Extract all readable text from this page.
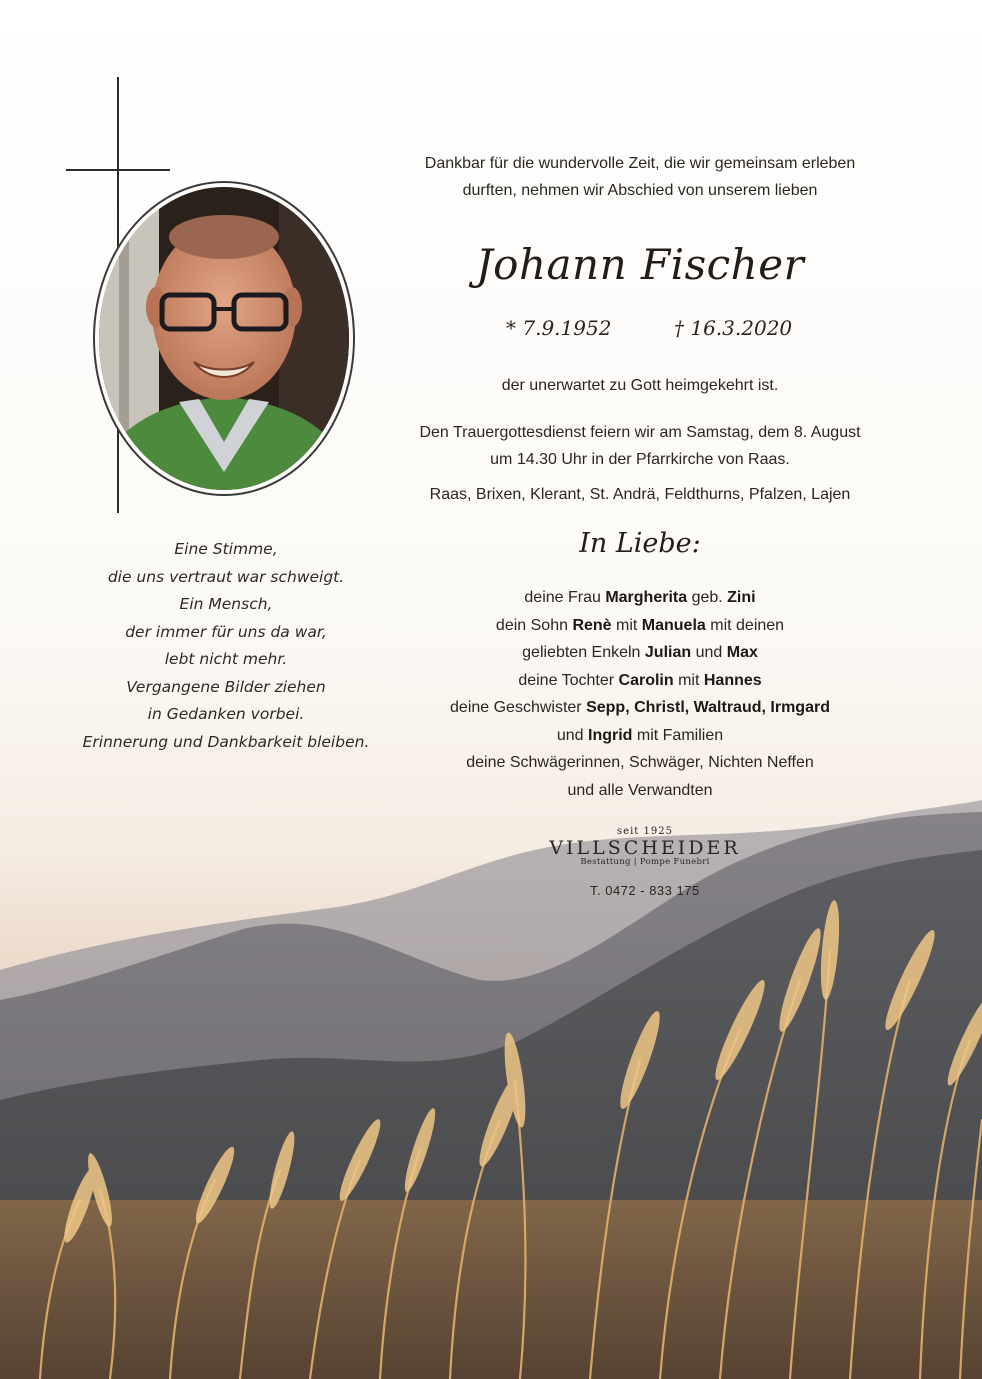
Eine Stimme,
die uns vertraut war schweigt.
Ein Mensch,
der immer für uns da war,
lebt nicht mehr.
Vergangene Bilder ziehen
in Gedanken vorbei.
Erinnerung und Dankbarkeit bleiben.
Dankbar für die wundervolle Zeit, die wir gemeinsam erleben
durften, nehmen wir Abschied von unserem lieben
Johann Fischer
* 7.9.1952	† 16.3.2020
der unerwartet zu Gott heimgekehrt ist.
Den Trauergottesdienst feiern wir am Samstag, dem 8. August
um 14.30 Uhr in der Pfarrkirche von Raas.
Raas, Brixen, Klerant, St. Andrä, Feldthurns, Pfalzen, Lajen
In Liebe:
deine Frau Margherita geb. Zini
dein Sohn Renè mit Manuela mit deinen
geliebten Enkeln Julian und Max
deine Tochter Carolin mit Hannes
deine Geschwister Sepp, Christl, Waltraud, Irmgard
und Ingrid mit Familien
deine Schwägerinnen, Schwäger, Nichten Neffen
und alle Verwandten
seit 1925
VILLSCHEIDER
Bestattung | Pompe Funebri
T. 0472 - 833 175
